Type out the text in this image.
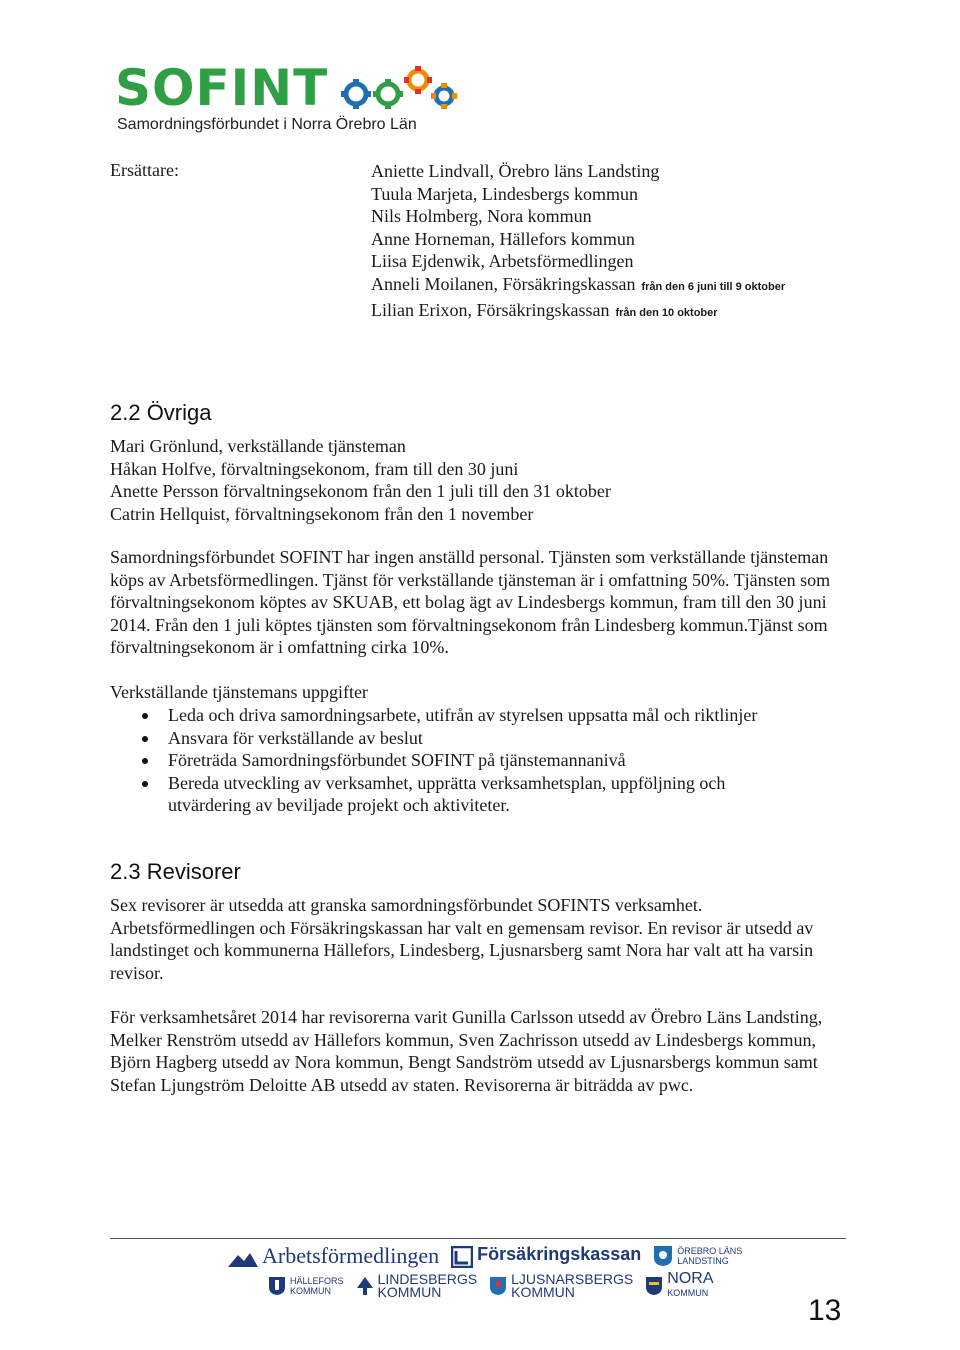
SOFINT
Samordningsförbundet i Norra Örebro Län
Ersättare:	Aniette Lindvall, Örebro läns Landsting
Tuula Marjeta, Lindesbergs kommun
Nils Holmberg, Nora kommun
Anne Horneman, Hällefors kommun
Liisa Ejdenwik, Arbetsförmedlingen
Anneli Moilanen, Försäkringskassan från den 6 juni till 9 oktober
Lilian Erixon, Försäkringskassan från den 10 oktober
2.2 Övriga
Mari Grönlund, verkställande tjänsteman
Håkan Holfve, förvaltningsekonom, fram till den 30 juni
Anette Persson förvaltningsekonom från den 1 juli till den 31 oktober
Catrin Hellquist, förvaltningsekonom från den 1 november

Samordningsförbundet SOFINT har ingen anställd personal. Tjänsten som verkställande tjänsteman köps av Arbetsförmedlingen. Tjänst för verkställande tjänsteman är i omfattning 50%. Tjänsten som förvaltningsekonom köptes av SKUAB, ett bolag ägt av Lindesbergs kommun, fram till den 30 juni 2014. Från den 1 juli köptes tjänsten som förvaltningsekonom från Lindesberg kommun.Tjänst som förvaltningsekonom är i omfattning cirka 10%.

Verkställande tjänstemans uppgifter

Leda och driva samordningsarbete, utifrån av styrelsen uppsatta mål och riktlinjer
Ansvara för verkställande av beslut
Företräda Samordningsförbundet SOFINT på tjänstemannanivå
Bereda utveckling av verksamhet, upprätta verksamhetsplan, uppföljning och utvärdering av beviljade projekt och aktiviteter.
2.3 Revisorer

Sex revisorer är utsedda att granska samordningsförbundet SOFINTS verksamhet. Arbetsförmedlingen och Försäkringskassan har valt en gemensam revisor. En revisor är utsedd av landstinget och kommunerna Hällefors, Lindesberg, Ljusnarsberg samt Nora har valt att ha varsin revisor.

För verksamhetsåret 2014 har revisorerna varit Gunilla Carlsson utsedd av Örebro Läns Landsting, Melker Renström utsedd av Hällefors kommun, Sven Zachrisson utsedd av Lindesbergs kommun, Björn Hagberg utsedd av Nora kommun, Bengt Sandström utsedd av Ljusnarsbergs kommun samt Stefan Ljungström Deloitte AB utsedd av staten. Revisorerna är biträdda av pwc.

Arbetsförmedlingen Försäkringskassan	ÖREBRO LÄNS
LANDSTING
HÄLLEFORS
KOMMUN  LINDESBERGS
KOMMUN  LJUSNARSBERGS
KOMMUN  NORA
KOMMUN
13
